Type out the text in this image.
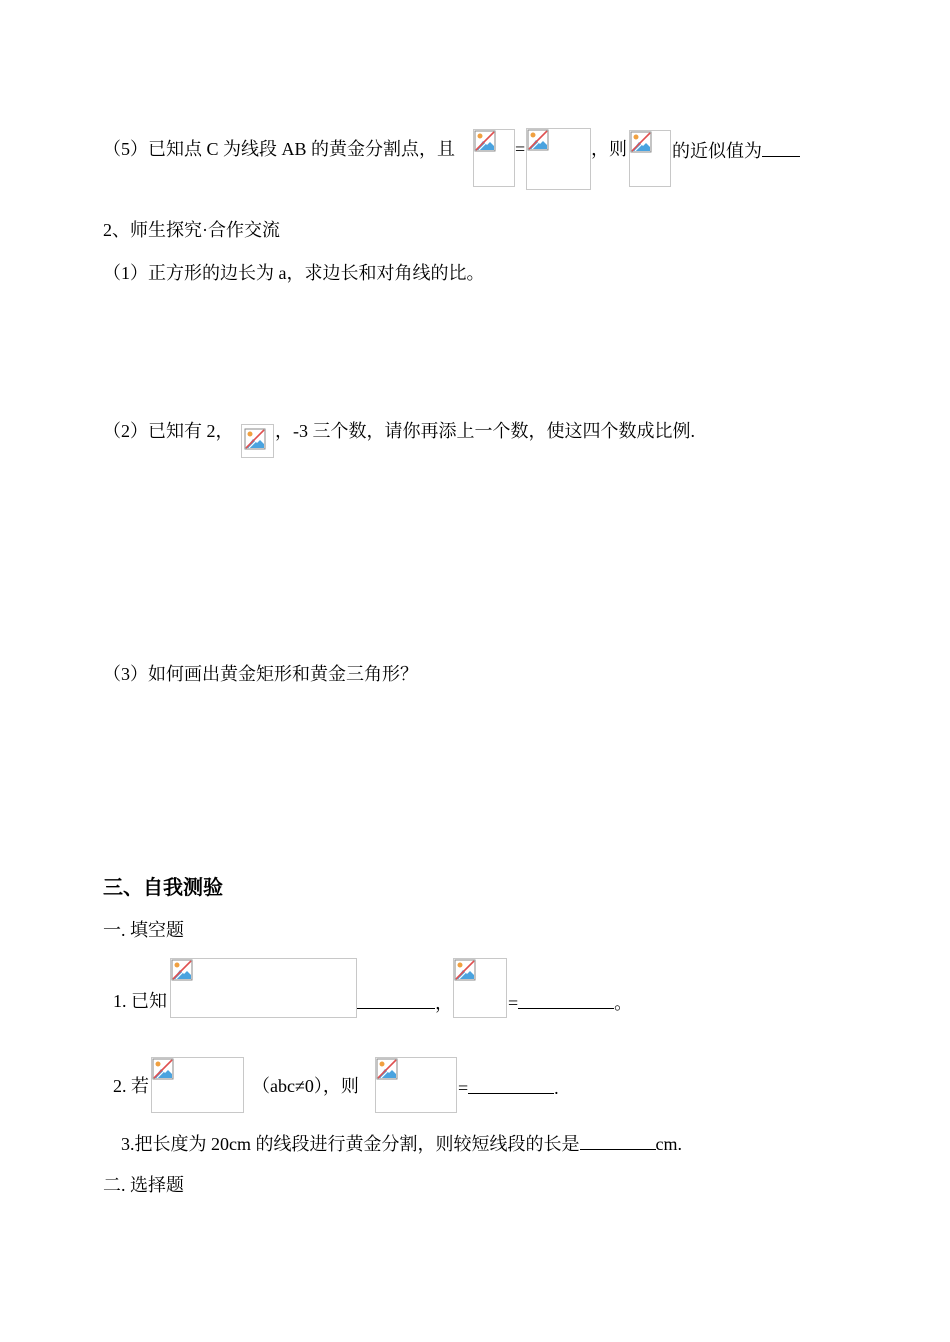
（5）已知点 C 为线段 AB 的黄金分割点，且	=	，则	的近似值为
2、师生探究·合作交流
（1）正方形的边长为 a，求边长和对角线的比。
（2）已知有 2， ，-3 三个数，请你再添上一个数，使这四个数成比例.
（3）如何画出黄金矩形和黄金三角形？
三、自我测验
一. 填空题
1. 已知	，	=	。
2. 若	（abc≠0），则	=	.
3.把长度为 20cm 的线段进行黄金分割，则较短线段的长是	cm.
二. 选择题
